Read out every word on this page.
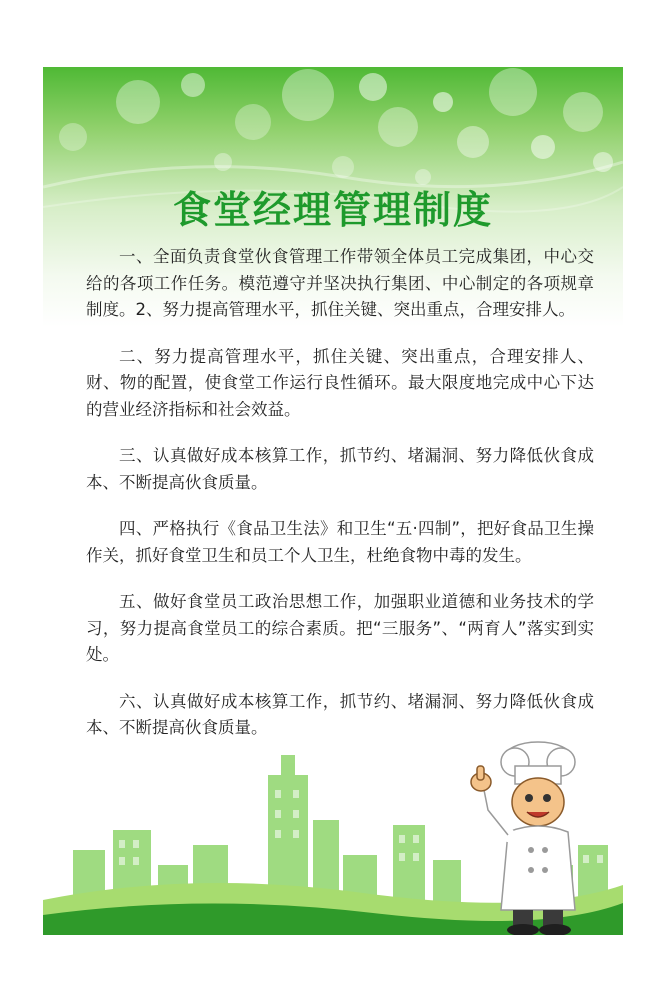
食堂经理管理制度

一、全面负责食堂伙食管理工作带领全体员工完成集团，中心交给的各项工作任务。模范遵守并坚决执行集团、中心制定的各项规章制度。2、努力提高管理水平，抓住关键、突出重点，合理安排人。

二、努力提高管理水平，抓住关键、突出重点，合理安排人、财、物的配置，使食堂工作运行良性循环。最大限度地完成中心下达的营业经济指标和社会效益。

三、认真做好成本核算工作，抓节约、堵漏洞、努力降低伙食成本、不断提高伙食质量。

四、严格执行《食品卫生法》和卫生“五·四制”，把好食品卫生操作关，抓好食堂卫生和员工个人卫生，杜绝食物中毒的发生。

五、做好食堂员工政治思想工作，加强职业道德和业务技术的学习，努力提高食堂员工的综合素质。把“三服务”、“两育人”落实到实处。

六、认真做好成本核算工作，抓节约、堵漏洞、努力降低伙食成本、不断提高伙食质量。
